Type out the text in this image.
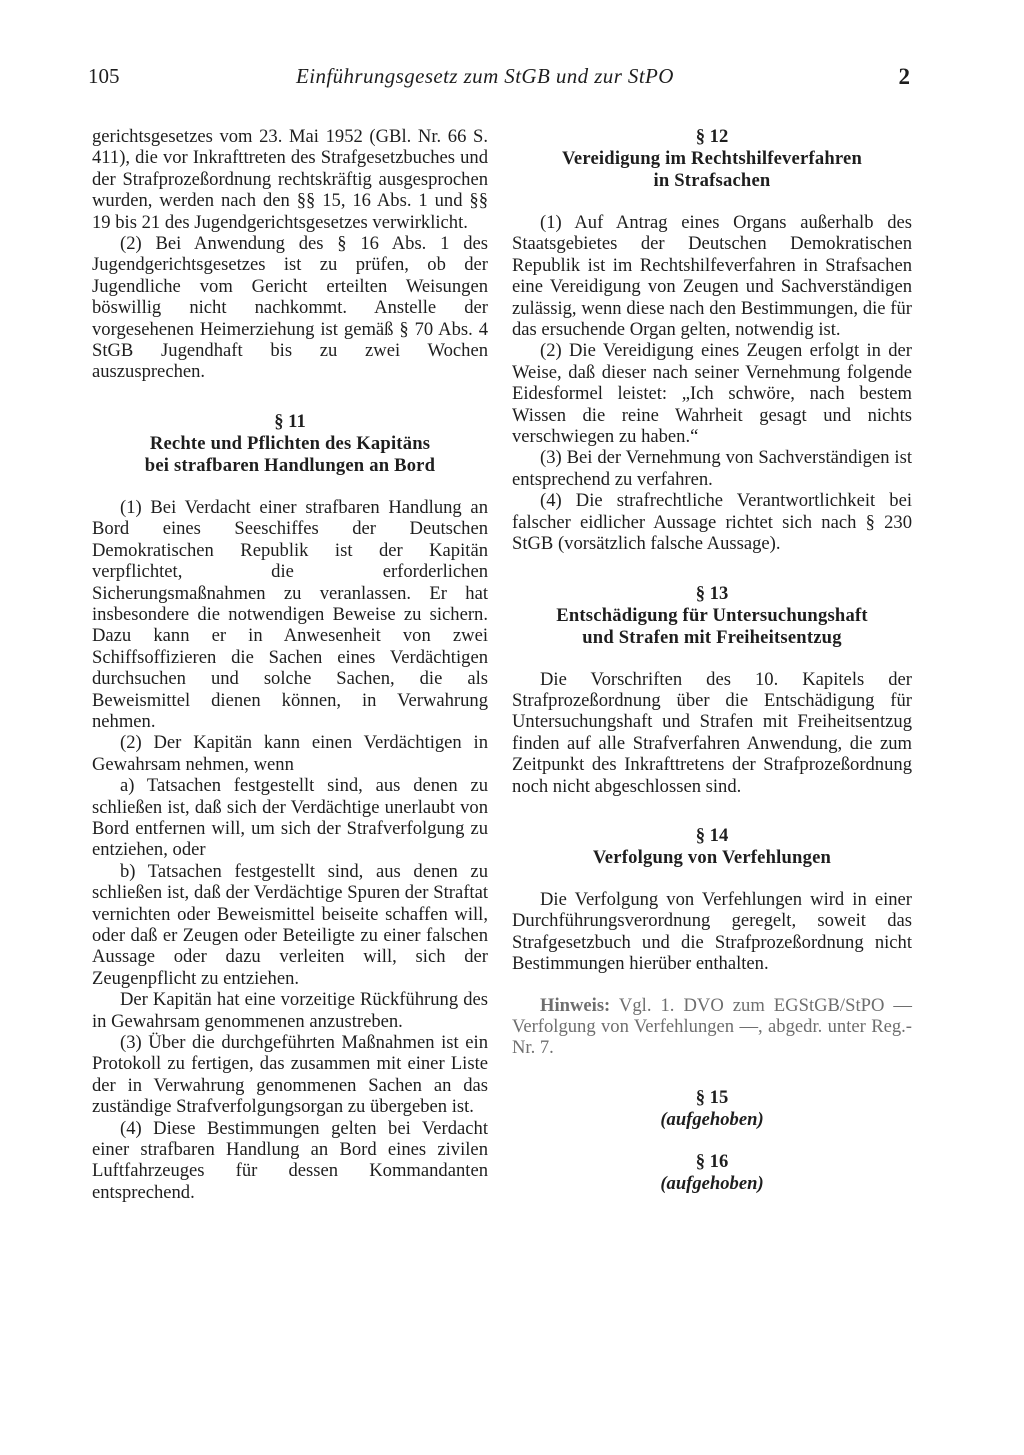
105	Einführungsgesetz zum StGB und zur StPO	2

gerichtsgesetzes vom 23. Mai 1952 (GBl. Nr. 66 S. 411), die vor Inkrafttreten des Strafgesetzbuches und der Strafprozeßordnung rechtskräftig ausgesprochen wurden, werden nach den §§ 15, 16 Abs. 1 und §§ 19 bis 21 des Jugendgerichtsgesetzes verwirklicht.

(2) Bei Anwendung des § 16 Abs. 1 des Jugendgerichtsgesetzes ist zu prüfen, ob der Jugendliche vom Gericht erteilten Weisungen böswillig nicht nachkommt. Anstelle der vorgesehenen Heimerziehung ist gemäß § 70 Abs. 4 StGB Jugendhaft bis zu zwei Wochen auszusprechen.

§ 11
Rechte und Pflichten des Kapitäns
bei strafbaren Handlungen an Bord

(1) Bei Verdacht einer strafbaren Handlung an Bord eines Seeschiffes der Deutschen Demokratischen Republik ist der Kapitän verpflichtet, die erforderlichen Sicherungsmaßnahmen zu veranlassen. Er hat insbesondere die notwendigen Beweise zu sichern. Dazu kann er in Anwesenheit von zwei Schiffsoffizieren die Sachen eines Verdächtigen durchsuchen und solche Sachen, die als Beweismittel dienen können, in Verwahrung nehmen.

(2) Der Kapitän kann einen Verdächtigen in Gewahrsam nehmen, wenn

a) Tatsachen festgestellt sind, aus denen zu schließen ist, daß sich der Verdächtige unerlaubt von Bord entfernen will, um sich der Strafverfolgung zu entziehen, oder

b) Tatsachen festgestellt sind, aus denen zu schließen ist, daß der Verdächtige Spuren der Straftat vernichten oder Beweismittel beiseite schaffen will, oder daß er Zeugen oder Beteiligte zu einer falschen Aussage oder dazu verleiten will, sich der Zeugenpflicht zu entziehen.

Der Kapitän hat eine vorzeitige Rückführung des in Gewahrsam genommenen anzustreben.

(3) Über die durchgeführten Maßnahmen ist ein Protokoll zu fertigen, das zusammen mit einer Liste der in Verwahrung genommenen Sachen an das zuständige Strafverfolgungsorgan zu übergeben ist.

(4) Diese Bestimmungen gelten bei Verdacht einer strafbaren Handlung an Bord eines zivilen Luftfahrzeuges für dessen Kommandanten entsprechend.

§ 12
Vereidigung im Rechtshilfeverfahren
in Strafsachen

(1) Auf Antrag eines Organs außerhalb des Staatsgebietes der Deutschen Demokratischen Republik ist im Rechtshilfeverfahren in Strafsachen eine Vereidigung von Zeugen und Sachverständigen zulässig, wenn diese nach den Bestimmungen, die für das ersuchende Organ gelten, notwendig ist.

(2) Die Vereidigung eines Zeugen erfolgt in der Weise, daß dieser nach seiner Vernehmung folgende Eidesformel leistet: „Ich schwöre, nach bestem Wissen die reine Wahrheit gesagt und nichts verschwiegen zu haben.“

(3) Bei der Vernehmung von Sachverständigen ist entsprechend zu verfahren.

(4) Die strafrechtliche Verantwortlichkeit bei falscher eidlicher Aussage richtet sich nach § 230 StGB (vorsätzlich falsche Aussage).

§ 13
Entschädigung für Untersuchungshaft
und Strafen mit Freiheitsentzug

Die Vorschriften des 10. Kapitels der Strafprozeßordnung über die Entschädigung für Untersuchungshaft und Strafen mit Freiheitsentzug finden auf alle Strafverfahren Anwendung, die zum Zeitpunkt des Inkrafttretens der Strafprozeßordnung noch nicht abgeschlossen sind.

§ 14
Verfolgung von Verfehlungen

Die Verfolgung von Verfehlungen wird in einer Durchführungsverordnung geregelt, soweit das Strafgesetzbuch und die Strafprozeßordnung nicht Bestimmungen hierüber enthalten.

Hinweis: Vgl. 1. DVO zum EGStGB/StPO — Verfolgung von Verfehlungen —, abgedr. unter Reg.-Nr. 7.

§ 15
(aufgehoben)
§ 16
(aufgehoben)
